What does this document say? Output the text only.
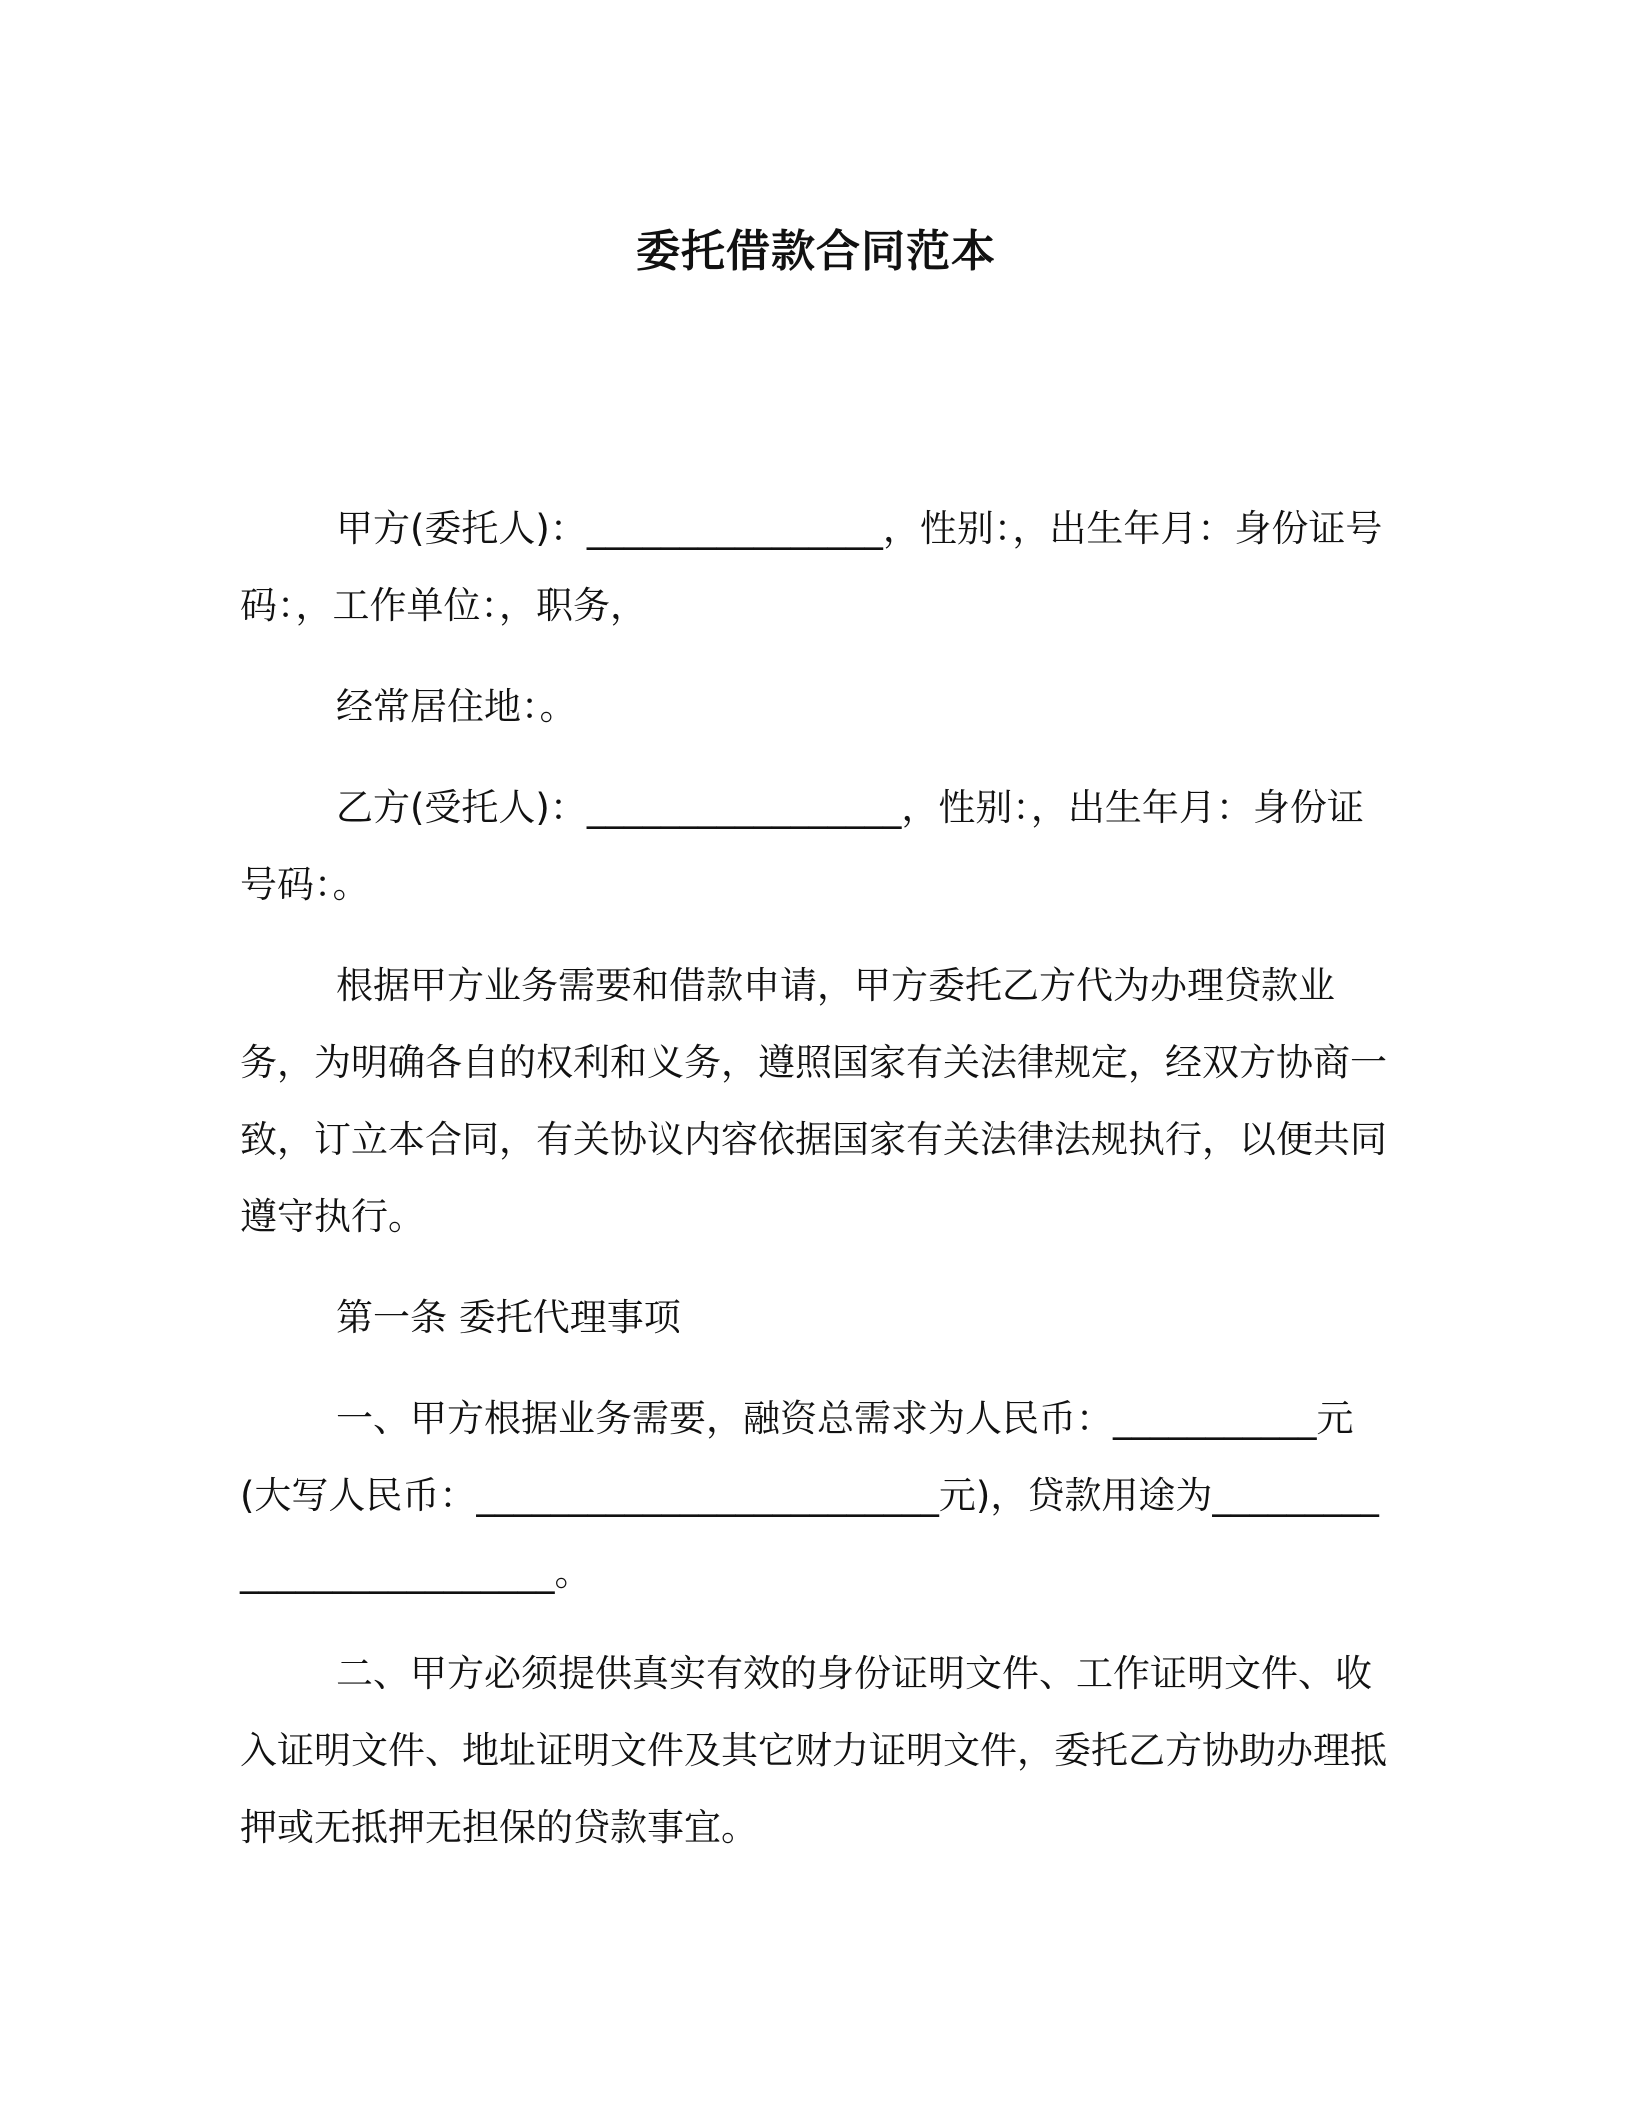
委托借款合同范本

甲方(委托人)：________________，性别：，出生年月：身份证号码：，工作单位：，职务，

经常居住地：。

乙方(受托人)：_________________，性别：，出生年月：身份证号码：。

根据甲方业务需要和借款申请，甲方委托乙方代为办理贷款业务，为明确各自的权利和义务，遵照国家有关法律规定，经双方协商一致，订立本合同，有关协议内容依据国家有关法律法规执行，以便共同遵守执行。

第一条 委托代理事项

一、甲方根据业务需要，融资总需求为人民币：___________元(大写人民币：_________________________元)，贷款用途为__________________________。

二、甲方必须提供真实有效的身份证明文件、工作证明文件、收入证明文件、地址证明文件及其它财力证明文件，委托乙方协助办理抵押或无抵押无担保的贷款事宜。
